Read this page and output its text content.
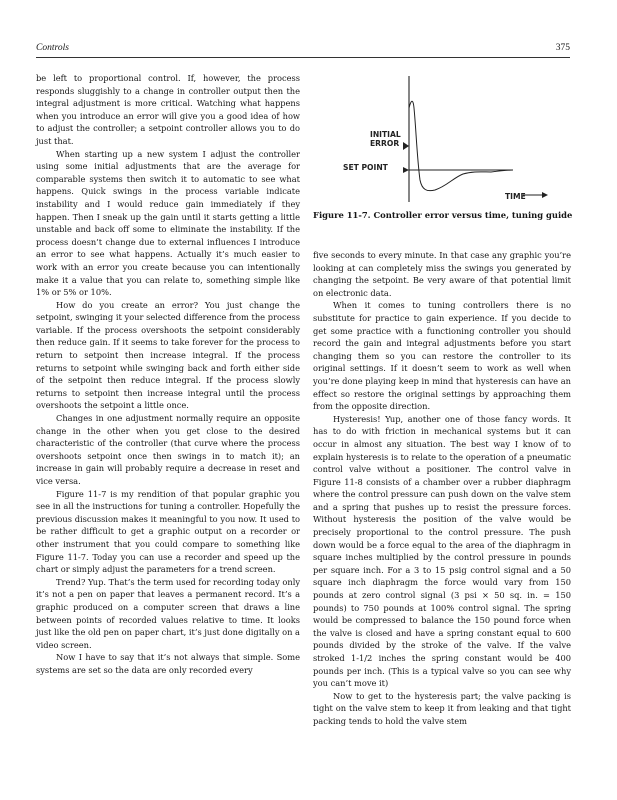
Controls	375

be left to proportional control. If, however, the process responds sluggishly to a change in controller output then the integral adjustment is more critical. Watching what happens when you introduce an error will give you a good idea of how to adjust the controller; a setpoint controller allows you to do just that.

When starting up a new system I adjust the controller using some initial adjustments that are the average for comparable systems then switch it to automatic to see what happens. Quick swings in the process variable indicate instability and I would reduce gain immediately if they happen. Then I sneak up the gain until it starts getting a little unstable and back off some to eliminate the instability. If the process doesn’t change due to external influences I introduce an error to see what happens. Actually it’s much easier to work with an error you create because you can intentionally make it a value that you can relate to, something simple like 1% or 5% or 10%.

How do you create an error? You just change the setpoint, swinging it your selected difference from the process variable. If the process overshoots the setpoint considerably then reduce gain. If it seems to take forever for the process to return to setpoint then increase integral. If the process returns to setpoint while swinging back and forth either side of the setpoint then reduce integral. If the process slowly returns to setpoint then increase integral until the process overshoots the setpoint a little once.

Changes in one adjustment normally require an opposite change in the other when you get close to the desired characteristic of the controller (that curve where the process overshoots setpoint once then swings in to match it); an increase in gain will probably require a decrease in reset and vice versa.

Figure 11-7 is my rendition of that popular graphic you see in all the instructions for tuning a controller. Hopefully the previous discussion makes it meaningful to you now. It used to be rather difficult to get a graphic output on a recorder or other instrument that you could compare to something like Figure 11-7. Today you can use a recorder and speed up the chart or simply adjust the parameters for a trend screen.

Trend? Yup. That’s the term used for recording today only it’s not a pen on paper that leaves a permanent record. It’s a graphic produced on a computer screen that draws a line between points of recorded values relative to time. It looks just like the old pen on paper chart, it’s just done digitally on a video screen.

Now I have to say that it’s not always that simple. Some systems are set so the data are only recorded every

INITIAL
ERROR
SET POINT
TIME
Figure 11-7. Controller error versus time, tuning guide

five seconds to every minute. In that case any graphic you’re looking at can completely miss the swings you generated by changing the setpoint. Be very aware of that potential limit on electronic data.

When it comes to tuning controllers there is no substitute for practice to gain experience. If you decide to get some practice with a functioning controller you should record the gain and integral adjustments before you start changing them so you can restore the controller to its original settings. If it doesn’t seem to work as well when you’re done playing keep in mind that hysteresis can have an effect so restore the original settings by approaching them from the opposite direction.

Hysteresis! Yup, another one of those fancy words. It has to do with friction in mechanical systems but it can occur in almost any situation. The best way I know of to explain hysteresis is to relate to the operation of a pneumatic control valve without a positioner. The control valve in Figure 11-8 consists of a chamber over a rubber diaphragm where the control pressure can push down on the valve stem and a spring that pushes up to resist the pressure forces. Without hysteresis the position of the valve would be precisely proportional to the control pressure. The push down would be a force equal to the area of the diaphragm in square inches multiplied by the control pressure in pounds per square inch. For a 3 to 15 psig control signal and a 50 square inch diaphragm the force would vary from 150 pounds at zero control signal (3 psi × 50 sq. in. = 150 pounds) to 750 pounds at 100% control signal. The spring would be compressed to balance the 150 pound force when the valve is closed and have a spring constant equal to 600 pounds divided by the stroke of the valve. If the valve stroked 1-1/2 inches the spring constant would be 400 pounds per inch. (This is a typical valve so you can see why you can’t move it)

Now to get to the hysteresis part; the valve packing is tight on the valve stem to keep it from leaking and that tight packing tends to hold the valve stem
